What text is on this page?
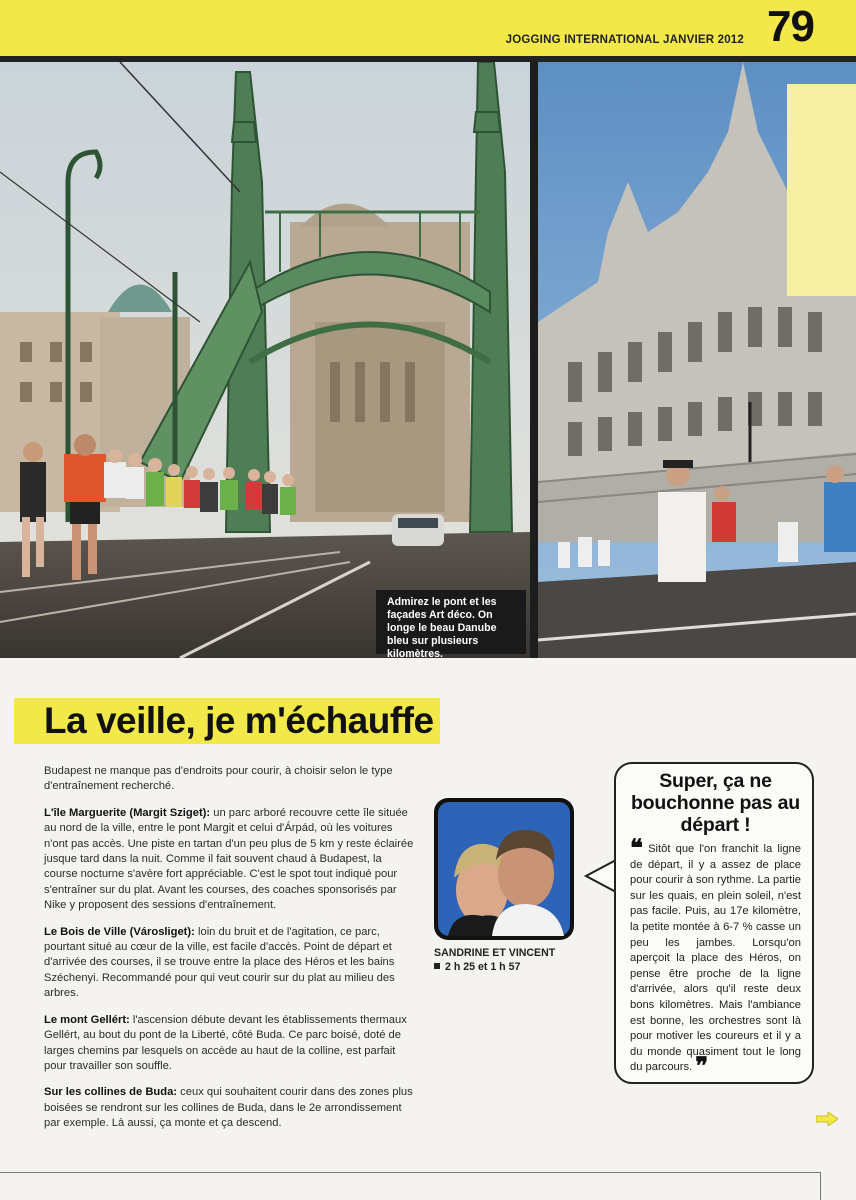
JOGGING INTERNATIONAL JANVIER 2012 79
Admirez le pont et les façades Art déco. On longe le beau Danube bleu sur plusieurs kilomètres.
La veille, je m'échauffe

Budapest ne manque pas d'endroits pour courir, à choisir selon le type d'entraînement recherché.

L'île Marguerite (Margit Sziget): un parc arboré recouvre cette île située au nord de la ville, entre le pont Margit et celui d'Árpád, où les voitures n'ont pas accès. Une piste en tartan d'un peu plus de 5 km y reste éclairée jusque tard dans la nuit. Comme il fait souvent chaud à Budapest, la course nocturne s'avère fort appréciable. C'est le spot tout indiqué pour s'entraîner sur du plat. Avant les courses, des coaches sponsorisés par Nike y proposent des sessions d'entraînement.

Le Bois de Ville (Városliget): loin du bruit et de l'agitation, ce parc, pourtant situé au cœur de la ville, est facile d'accès. Point de départ et d'arrivée des courses, il se trouve entre la place des Héros et les bains Széchenyi. Recommandé pour qui veut courir sur du plat au milieu des arbres.

Le mont Gellért: l'ascension débute devant les établissements thermaux Gellért, au bout du pont de la Liberté, côté Buda. Ce parc boisé, doté de larges chemins par lesquels on accède au haut de la colline, est parfait pour travailler son souffle.

Sur les collines de Buda: ceux qui souhaitent courir dans des zones plus boisées se rendront sur les collines de Buda, dans le 2e arrondissement par exemple. Là aussi, ça monte et ça descend.

SANDRINE ET VINCENT
2 h 25 et 1 h 57
Super, ça ne bouchonne pas au départ !
❝ Sitôt que l'on franchit la ligne de départ, il y a assez de place pour courir à son rythme. La partie sur les quais, en plein soleil, n'est pas facile. Puis, au 17e kilomètre, la petite montée à 6-7 % casse un peu les jambes. Lorsqu'on aperçoit la place des Héros, on pense être proche de la ligne d'arrivée, alors qu'il reste deux bons kilomètres. Mais l'ambiance est bonne, les orchestres sont là pour motiver les coureurs et il y a du monde quasiment tout le long du parcours. ❞
